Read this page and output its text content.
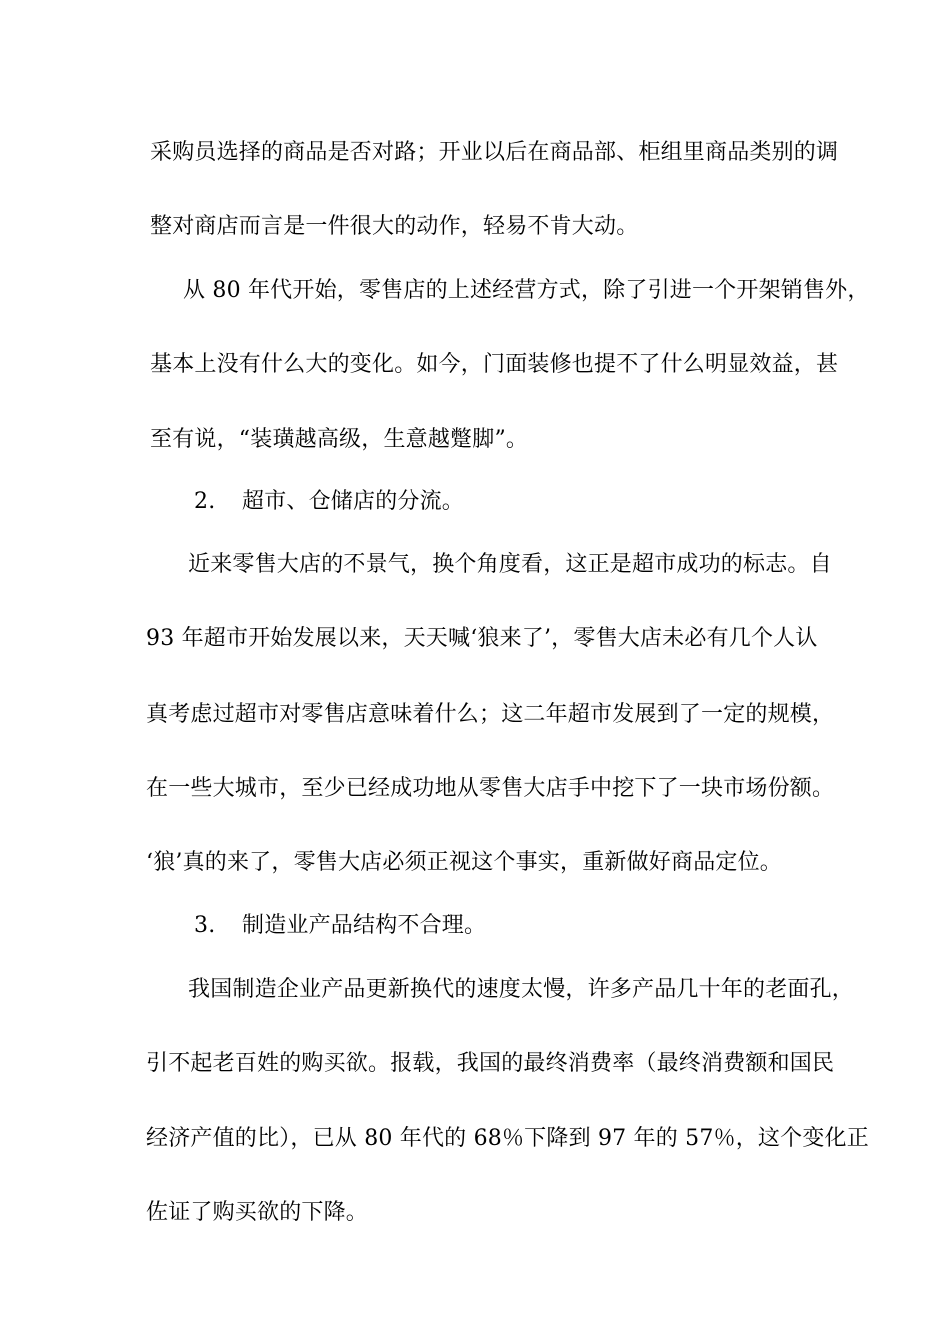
采购员选择的商品是否对路；开业以后在商品部、柜组里商品类别的调
整对商店而言是一件很大的动作，轻易不肯大动。
从 80 年代开始，零售店的上述经营方式，除了引进一个开架销售外，
基本上没有什么大的变化。如今，门面装修也提不了什么明显效益，甚
至有说，“装璜越高级，生意越蹩脚”。
2. 超市、仓储店的分流。
近来零售大店的不景气，换个角度看，这正是超市成功的标志。自
93 年超市开始发展以来，天天喊‘狼来了’，零售大店未必有几个人认
真考虑过超市对零售店意味着什么；这二年超市发展到了一定的规模，
在一些大城市，至少已经成功地从零售大店手中挖下了一块市场份额。
‘狼’真的来了，零售大店必须正视这个事实，重新做好商品定位。
3. 制造业产品结构不合理。
我国制造企业产品更新换代的速度太慢，许多产品几十年的老面孔，
引不起老百姓的购买欲。报载，我国的最终消费率（最终消费额和国民
经济产值的比），已从 80 年代的 68％下降到 97 年的 57％，这个变化正
佐证了购买欲的下降。
